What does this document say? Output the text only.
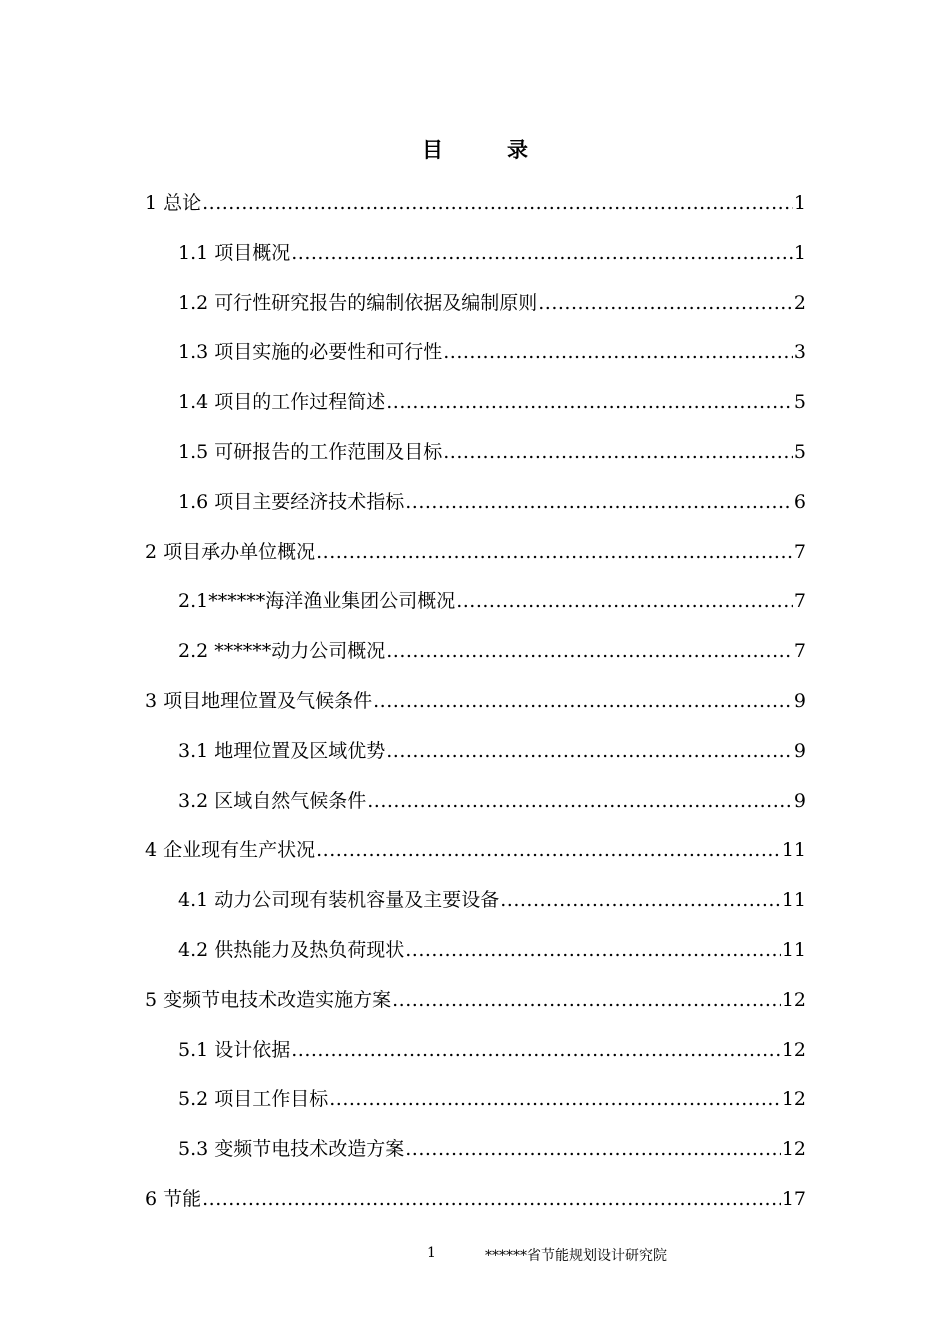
目	录
1 总论 .....	1
1.1 项目概况 .....	1
1.2 可行性研究报告的编制依据及编制原则 .....	2
1.3 项目实施的必要性和可行性 .....	3
1.4 项目的工作过程简述 .....	5
1.5 可研报告的工作范围及目标 .....	5
1.6 项目主要经济技术指标 .....	6
2 项目承办单位概况 .....	7
2.1******海洋渔业集团公司概况 .....	7
2.2 ******动力公司概况 .....	7
3 项目地理位置及气候条件 .....	9
3.1 地理位置及区域优势 .....	9
3.2 区域自然气候条件 .....	9
4 企业现有生产状况 .....	11
4.1 动力公司现有装机容量及主要设备 .....	11
4.2 供热能力及热负荷现状 .....	11
5 变频节电技术改造实施方案 .....	12
5.1 设计依据 .....	12
5.2 项目工作目标 .....	12
5.3 变频节电技术改造方案 .....	12
6 节能 .....	17
1	******省节能规划设计研究院
